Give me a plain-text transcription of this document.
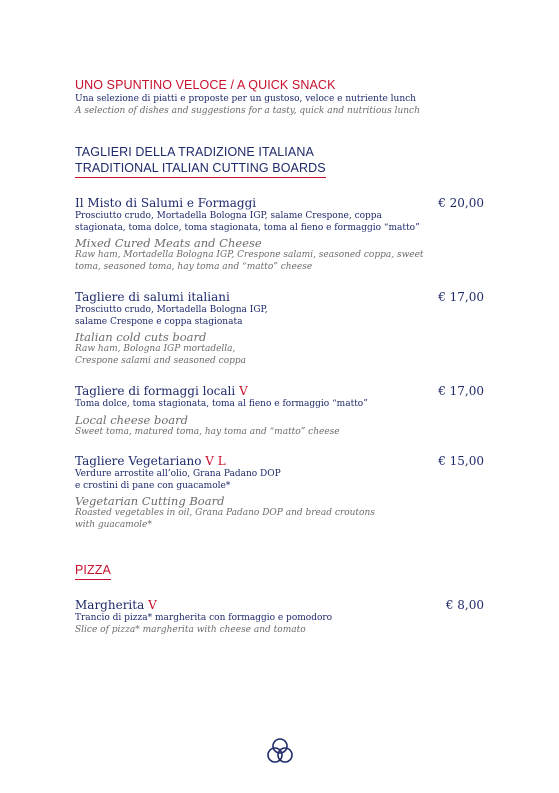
UNO SPUNTINO VELOCE / A QUICK SNACK
Una selezione di piatti e proposte per un gustoso, veloce e nutriente lunch
A selection of dishes and suggestions for a tasty, quick and nutritious lunch
TAGLIERI DELLA TRADIZIONE ITALIANA
TRADITIONAL ITALIAN CUTTING BOARDS
Il Misto di Salumi e Formaggi
Prosciutto crudo, Mortadella Bologna IGP, salame Crespone, coppa
stagionata, toma dolce, toma stagionata, toma al fieno e formaggio “matto”
Mixed Cured Meats and Cheese
Raw ham, Mortadella Bologna IGP, Crespone salami, seasoned coppa, sweet
toma, seasoned toma, hay toma and “matto” cheese
€ 20,00
Tagliere di salumi italiani
Prosciutto crudo, Mortadella Bologna IGP,
salame Crespone e coppa stagionata
Italian cold cuts board
Raw ham, Bologna IGP mortadella,
Crespone salami and seasoned coppa
€ 17,00
Tagliere di formaggi locali V
Toma dolce, toma stagionata, toma al fieno e formaggio “matto”
Local cheese board
Sweet toma, matured toma, hay toma and “matto” cheese
€ 17,00
Tagliere Vegetariano V L
Verdure arrostite all’olio, Grana Padano DOP
e crostini di pane con guacamole*
Vegetarian Cutting Board
Roasted vegetables in oil, Grana Padano DOP and bread croutons
with guacamole*
€ 15,00
PIZZA
Margherita V
Trancio di pizza* margherita con formaggio e pomodoro
Slice of pizza* margherita with cheese and tomato
€ 8,00
